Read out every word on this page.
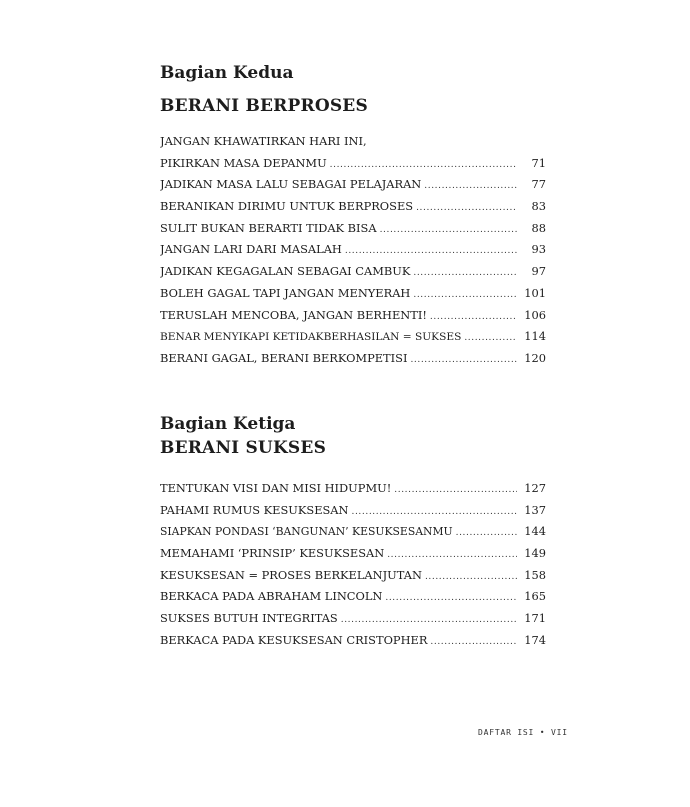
Bagian Kedua
BERANI BERPROSES
JANGAN KHAWATIRKAN HARI INI,
PIKIRKAN MASA DEPANMU .....	71
JADIKAN MASA LALU SEBAGAI PELAJARAN .....	77
BERANIKAN DIRIMU UNTUK BERPROSES .....	83
SULIT BUKAN BERARTI TIDAK BISA .....	88
JANGAN LARI DARI MASALAH .....	93
JADIKAN KEGAGALAN SEBAGAI CAMBUK .....	97
BOLEH GAGAL TAPI JANGAN MENYERAH .....	101
TERUSLAH MENCOBA, JANGAN BERHENTI! .....	106
BENAR MENYIKAPI KETIDAKBERHASILAN = SUKSES .....	114
BERANI GAGAL, BERANI BERKOMPETISI .....	120
Bagian Ketiga
BERANI SUKSES
TENTUKAN VISI DAN MISI HIDUPMU! .....	127
PAHAMI RUMUS KESUKSESAN .....	137
SIAPKAN PONDASI ‘BANGUNAN’ KESUKSESANMU .....	144
MEMAHAMI ‘PRINSIP’ KESUKSESAN .....	149
KESUKSESAN = PROSES BERKELANJUTAN .....	158
BERKACA PADA ABRAHAM LINCOLN .....	165
SUKSES BUTUH INTEGRITAS .....	171
BERKACA PADA KESUKSESAN CRISTOPHER .....	174
DAFTAR ISI • VII
